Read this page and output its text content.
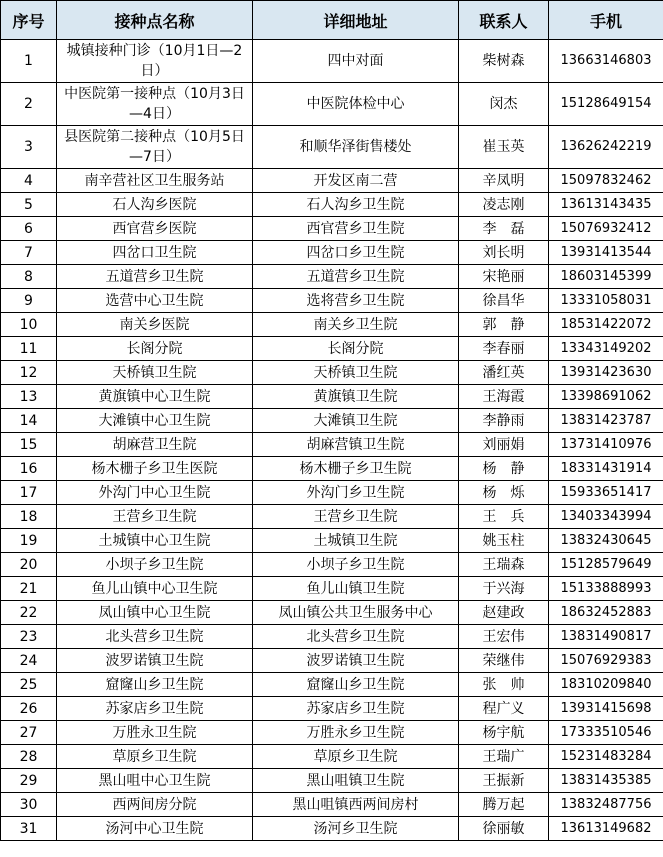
序号	接种点名称	详细地址	联系人	手机
1	城镇接种门诊（10月1日—2日）	四中对面	柴树森	13663146803
2	中医院第一接种点（10月3日—4日）	中医院体检中心	闵杰	15128649154
3	县医院第二接种点（10月5日—7日）	和顺华泽街售楼处	崔玉英	13626242219
4	南辛营社区卫生服务站	开发区南二营	辛凤明	15097832462
5	石人沟乡医院	石人沟乡卫生院	凌志刚	13613143435
6	西官营乡医院	西官营乡卫生院	李　磊	15076932412
7	四岔口卫生院	四岔口乡卫生院	刘长明	13931413544
8	五道营乡卫生院	五道营乡卫生院	宋艳丽	18603145399
9	选营中心卫生院	选将营乡卫生院	徐昌华	13331058031
10	南关乡医院	南关乡卫生院	郭　静	18531422072
11	长阁分院	长阁分院	李春丽	13343149202
12	天桥镇卫生院	天桥镇卫生院	潘红英	13931423630
13	黄旗镇中心卫生院	黄旗镇卫生院	王海霞	13398691062
14	大滩镇中心卫生院	大滩镇卫生院	李静雨	13831423787
15	胡麻营卫生院	胡麻营镇卫生院	刘丽娟	13731410976
16	杨木栅子乡卫生医院	杨木栅子乡卫生院	杨　静	18331431914
17	外沟门中心卫生院	外沟门乡卫生院	杨　烁	15933651417
18	王营乡卫生院	王营乡卫生院	王　兵	13403343994
19	土城镇中心卫生院	土城镇卫生院	姚玉柱	13832430645
20	小坝子乡卫生院	小坝子乡卫生院	王瑞森	15128579649
21	鱼儿山镇中心卫生院	鱼儿山镇卫生院	于兴海	15133888993
22	凤山镇中心卫生院	凤山镇公共卫生服务中心	赵建政	18632452883
23	北头营乡卫生院	北头营乡卫生院	王宏伟	13831490817
24	波罗诺镇卫生院	波罗诺镇卫生院	荣继伟	15076929383
25	窟窿山乡卫生院	窟窿山乡卫生院	张　帅	18310209840
26	苏家店乡卫生院	苏家店乡卫生院	程广义	13931415698
27	万胜永卫生院	万胜永乡卫生院	杨宇航	17333510546
28	草原乡卫生院	草原乡卫生院	王瑞广	15231483284
29	黑山咀中心卫生院	黑山咀镇卫生院	王振新	13831435385
30	西两间房分院	黑山咀镇西两间房村	腾万起	13832487756
31	汤河中心卫生院	汤河乡卫生院	徐丽敏	13613149682
